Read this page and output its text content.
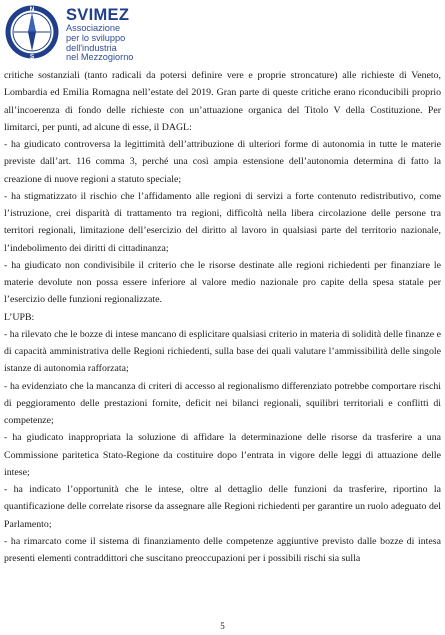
N
S
SVIMEZ
Associazione
per lo sviluppo
dell'industria
nel Mezzogiorno

critiche sostanziali (tanto radicali da potersi definire vere e proprie stroncature) alle richieste di Veneto, Lombardia ed Emilia Romagna nell’estate del 2019. Gran parte di queste critiche erano riconducibili proprio all’incoerenza di fondo delle richieste con un’attuazione organica del Titolo V della Costituzione. Per limitarci, per punti, ad alcune di esse, il DAGL:

- ha giudicato controversa la legittimità dell’attribuzione di ulteriori forme di autonomia in tutte le materie previste dall’art. 116 comma 3, perché una così ampia estensione dell’autonomia determina di fatto la creazione di nuove regioni a statuto speciale;

- ha stigmatizzato il rischio che l’affidamento alle regioni di servizi a forte contenuto redistributivo, come l’istruzione, crei disparità di trattamento tra regioni, difficoltà nella libera circolazione delle persone tra territori regionali, limitazione dell’esercizio del diritto al lavoro in qualsiasi parte del territorio nazionale, l’indebolimento dei diritti di cittadinanza;

- ha giudicato non condivisibile il criterio che le risorse destinate alle regioni richiedenti per finanziare le materie devolute non possa essere inferiore al valore medio nazionale pro capite della spesa statale per l’esercizio delle funzioni regionalizzate.

L’UPB:

- ha rilevato che le bozze di intese mancano di esplicitare qualsiasi criterio in materia di solidità delle finanze e di capacità amministrativa delle Regioni richiedenti, sulla base dei quali valutare l’ammissibilità delle singole istanze di autonomia rafforzata;

- ha evidenziato che la mancanza di criteri di accesso al regionalismo differenziato potrebbe comportare rischi di peggioramento delle prestazioni fornite, deficit nei bilanci regionali, squilibri territoriali e conflitti di competenze;

- ha giudicato inappropriata la soluzione di affidare la determinazione delle risorse da trasferire a una Commissione paritetica Stato-Regione da costituire dopo l’entrata in vigore delle leggi di attuazione delle intese;

- ha indicato l’opportunità che le intese, oltre al dettaglio delle funzioni da trasferire, riportino la quantificazione delle correlate risorse da assegnare alle Regioni richiedenti per garantire un ruolo adeguato del Parlamento;

- ha rimarcato come il sistema di finanziamento delle competenze aggiuntive previsto dalle bozze di intesa presenti elementi contraddittori che suscitano preoccupazioni per i possibili rischi sia sulla

5
